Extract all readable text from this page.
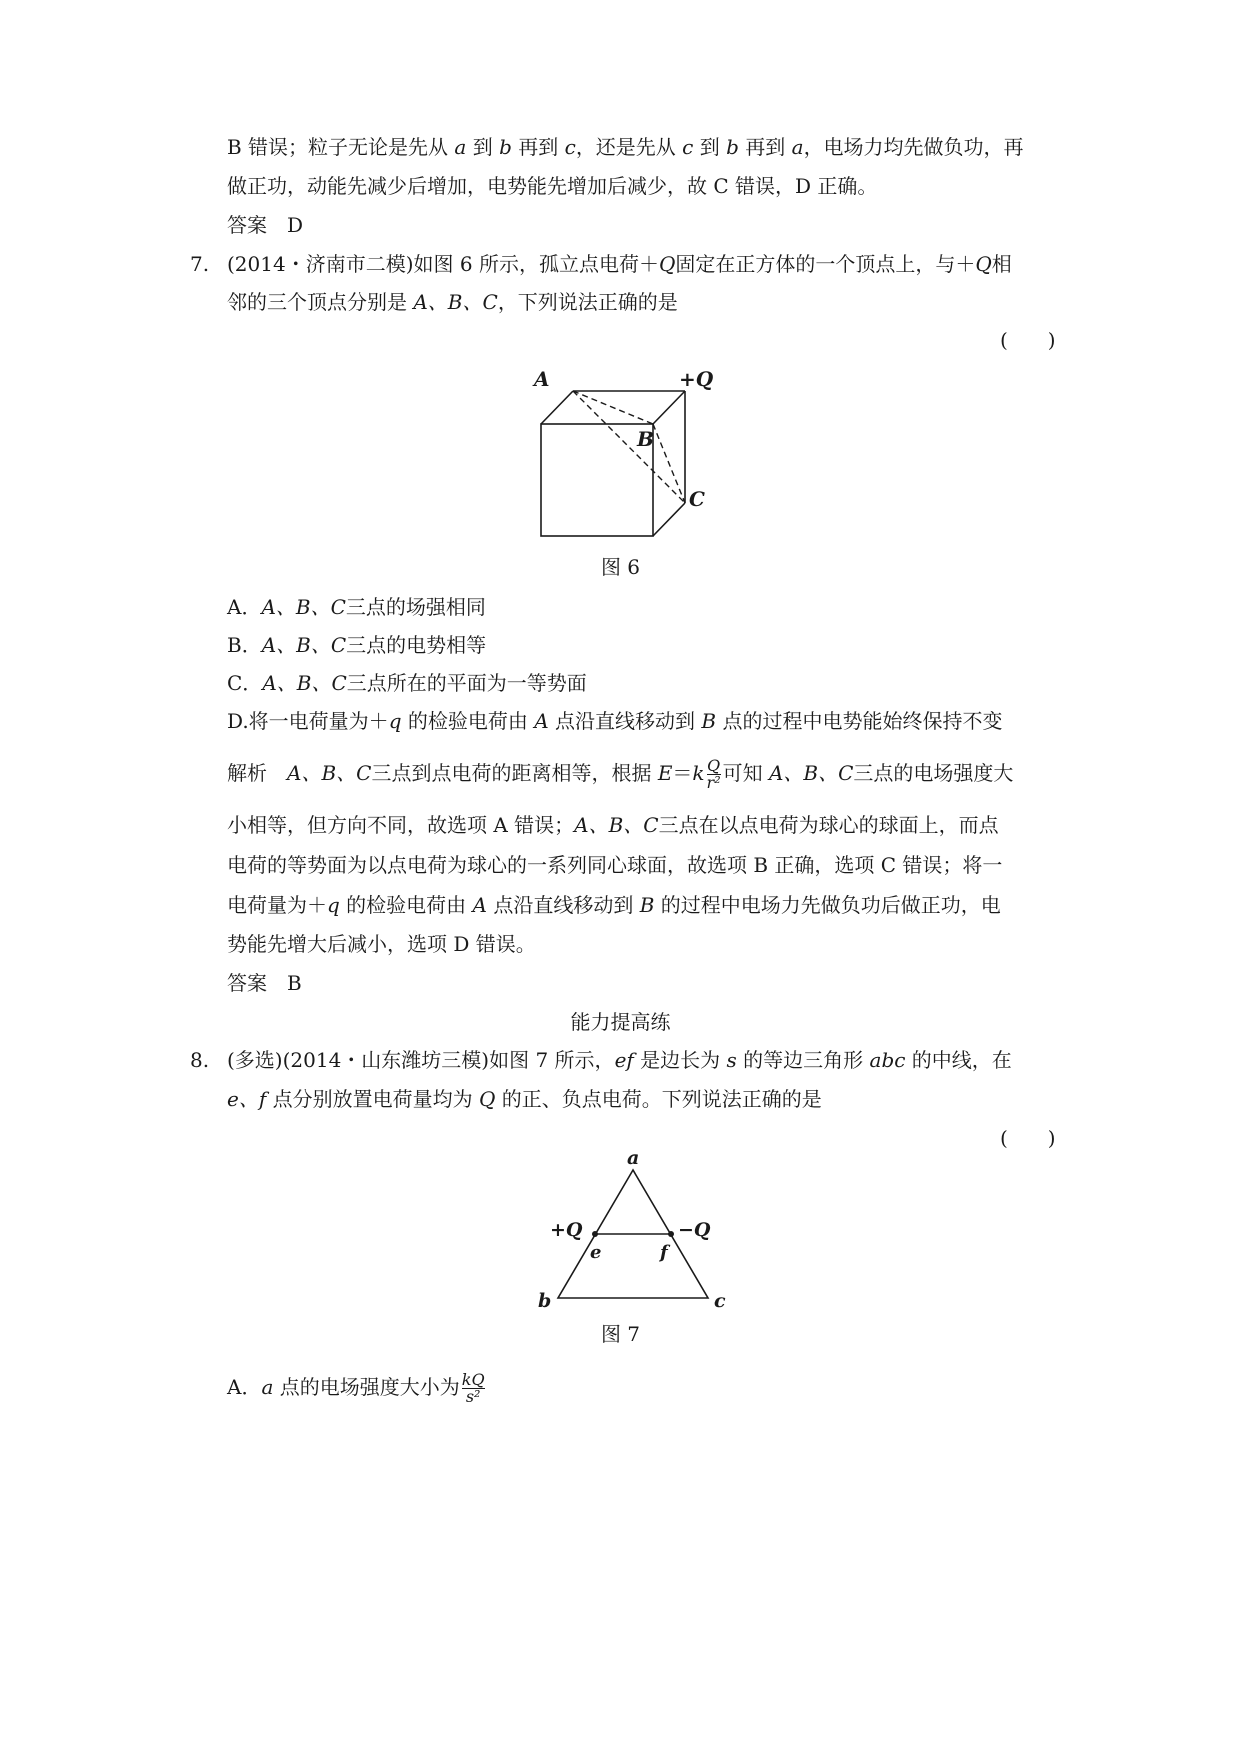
B 错误；粒子无论是先从 a 到 b 再到 c，还是先从 c 到 b 再到 a，电场力均先做负功，再
做正功，动能先减少后增加，电势能先增加后减少，故 C 错误，D 正确。
答案　D
7. (2014・济南市二模)如图 6 所示，孤立点电荷＋Q固定在正方体的一个顶点上，与＋Q相
邻的三个顶点分别是 A、B、C，下列说法正确的是
(　　)
A	+Q
B
C
图 6
A．A、B、C三点的场强相同
B．A、B、C三点的电势相等
C．A、B、C三点所在的平面为一等势面
D.将一电荷量为＋q 的检验电荷由 A 点沿直线移动到 B 点的过程中电势能始终保持不变
解析　A、B、C三点到点电荷的距离相等，根据 $E=k \frac{Q}{\text{r²}}$ 可知 A、B、C三点的电场强度大
小相等，但方向不同，故选项 A 错误；A、B、C三点在以点电荷为球心的球面上，而点
电荷的等势面为以点电荷为球心的一系列同心球面，故选项 B 正确，选项 C 错误；将一
电荷量为＋q 的检验电荷由 A 点沿直线移动到 B 的过程中电场力先做负功后做正功，电
势能先增大后减小，选项 D 错误。
答案　B
能力提高练
8. (多选)(2014・山东潍坊三模)如图 7 所示，ef 是边长为 s 的等边三角形 abc 的中线，在
e、f 点分别放置电荷量均为 Q 的正、负点电荷。下列说法正确的是
(　　)
a
b	c
e	f
+Q	−Q
图 7
A．a 点的电场强度大小为 $\frac{kQ}{\text{s²}}$
